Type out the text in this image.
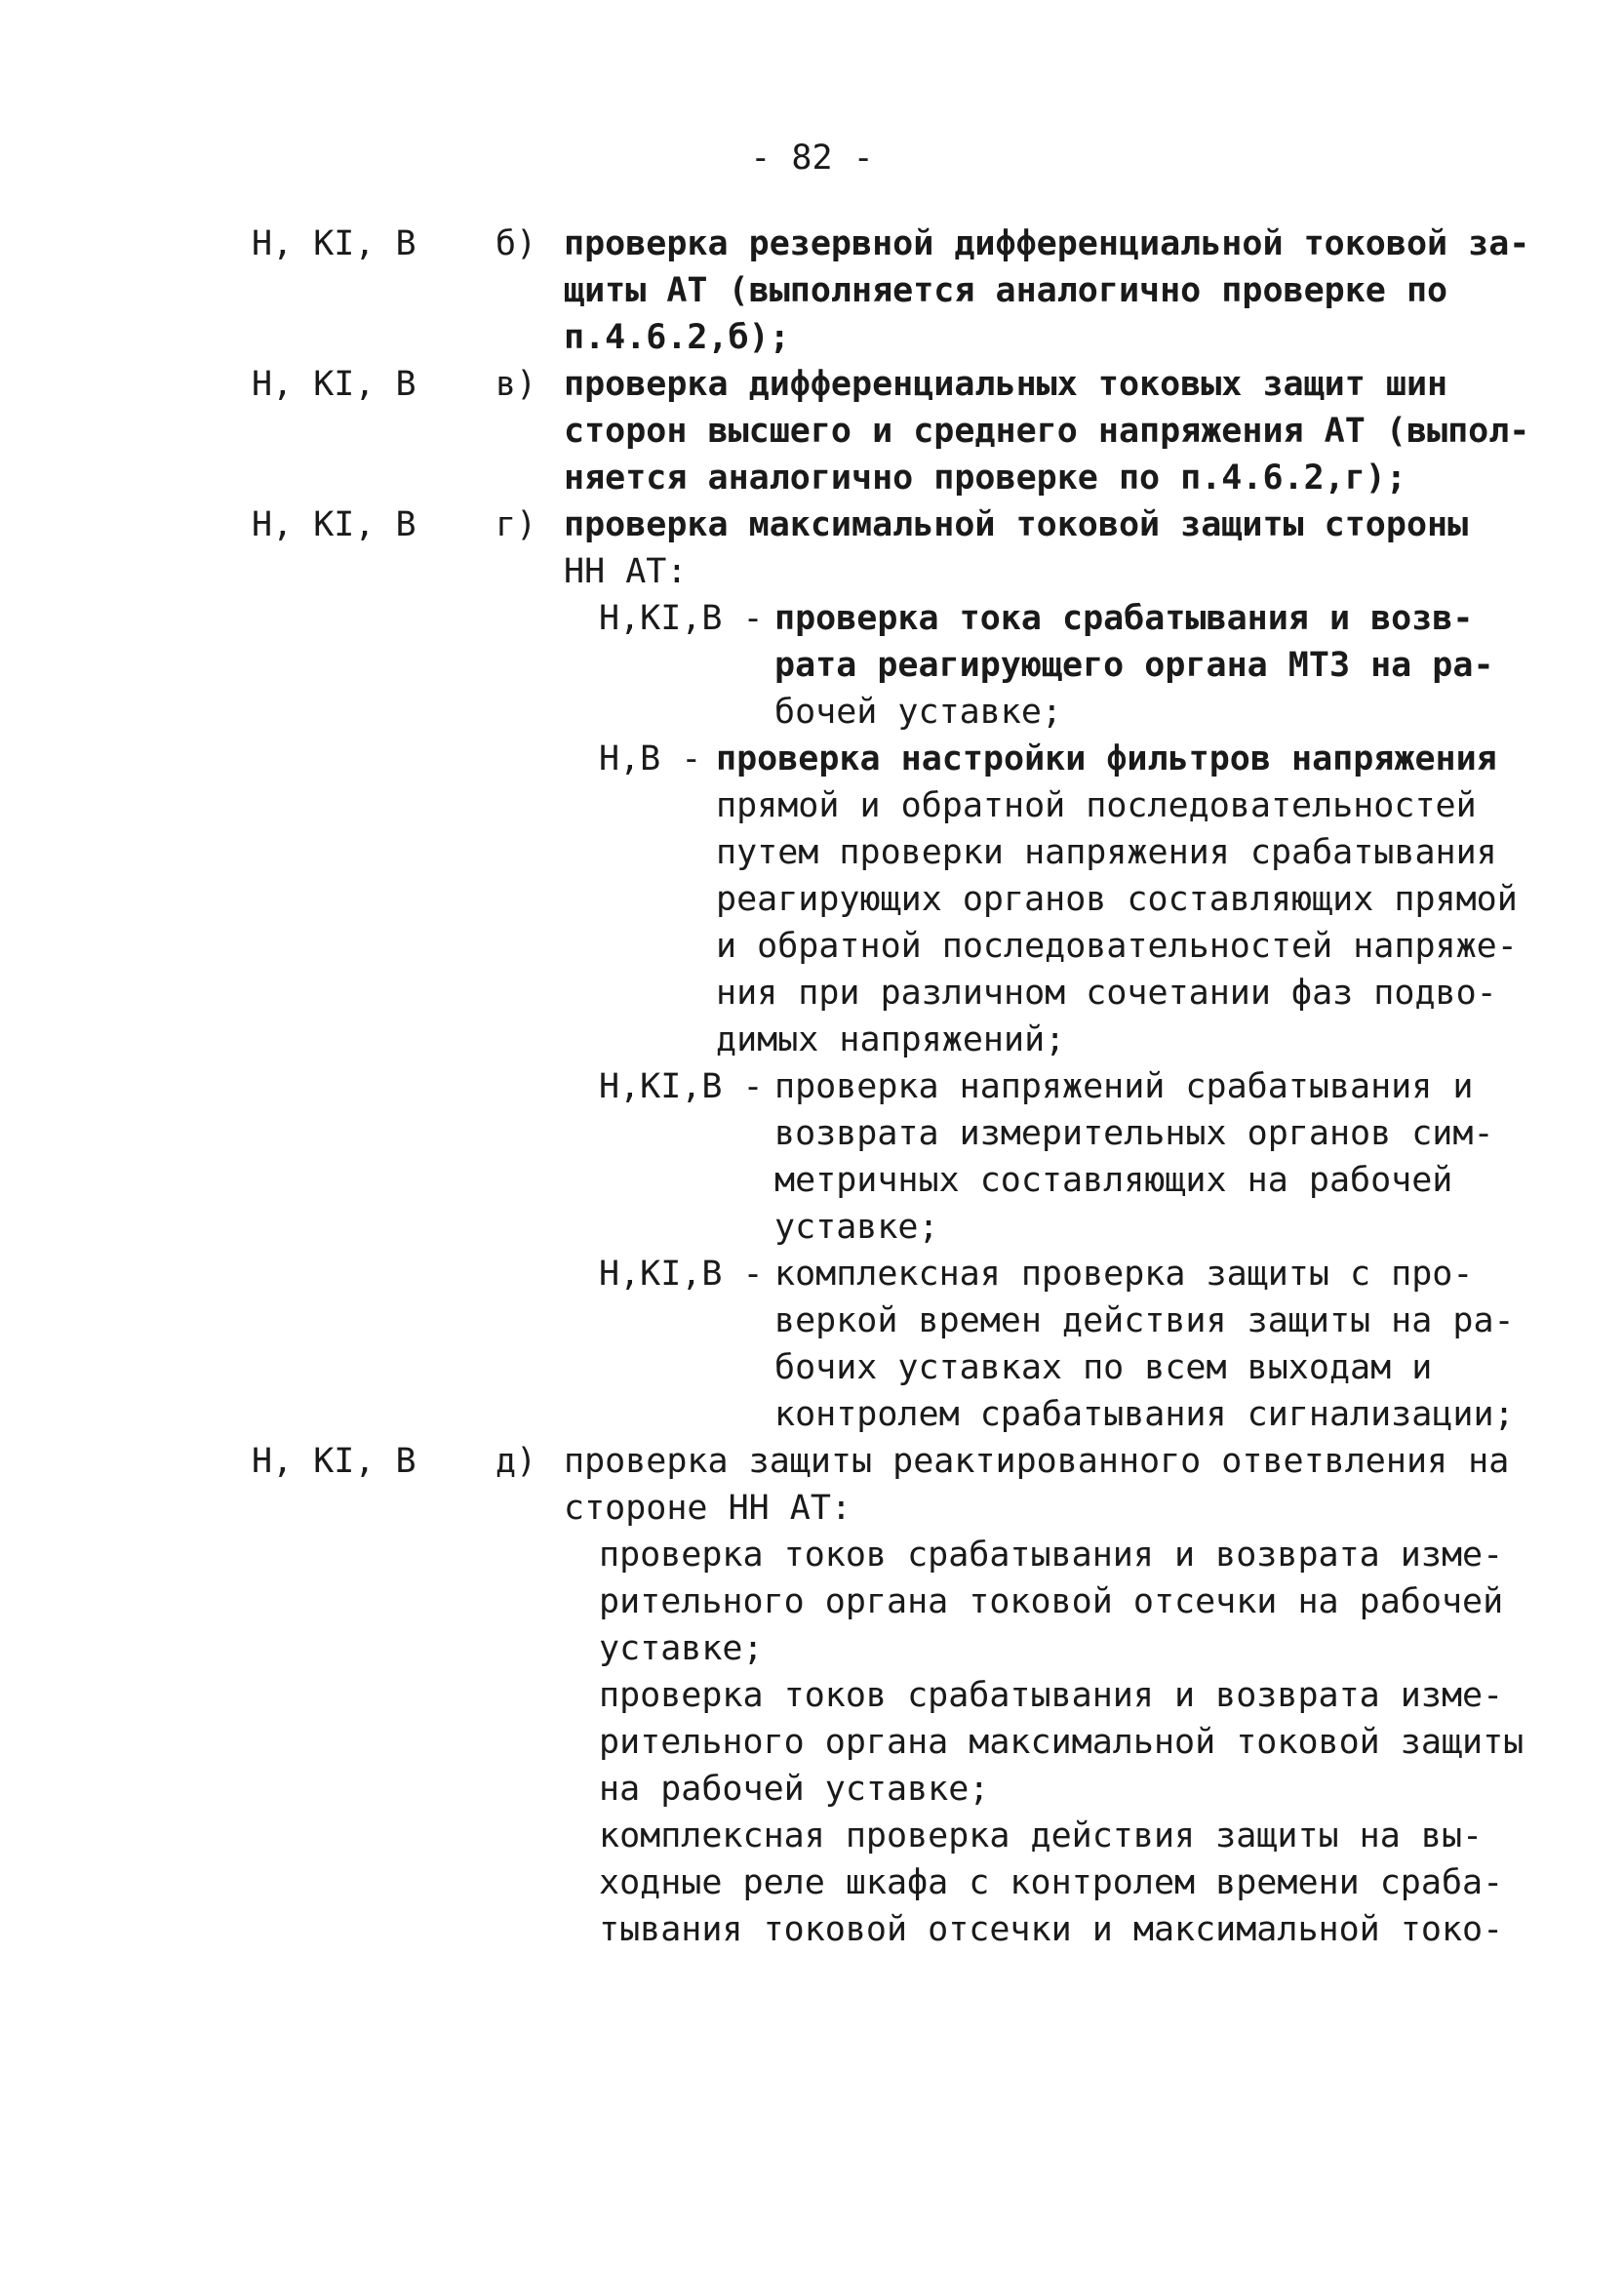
- 82 -
Н, КI, В б) проверка резервной дифференциальной токовой за-
щиты АТ (выполняется аналогично проверке по
п.4.6.2,б);
Н, КI, В в) проверка дифференциальных токовых защит шин
сторон высшего и среднего напряжения АТ (выпол-
няется аналогично проверке по п.4.6.2,г);
Н, КI, В г) проверка максимальной токовой защиты стороны
НН АТ:
Н,КI,В - проверка тока срабатывания и возв-
рата реагирующего органа МТЗ на ра-
бочей уставке;
Н,В - проверка настройки фильтров напряжения
прямой и обратной последовательностей
путем проверки напряжения срабатывания
реагирующих органов составляющих прямой
и обратной последовательностей напряже-
ния при различном сочетании фаз подво-
димых напряжений;
Н,КI,В - проверка напряжений срабатывания и
возврата измерительных органов сим-
метричных составляющих на рабочей
уставке;
Н,КI,В - комплексная проверка защиты с про-
веркой времен действия защиты на ра-
бочих уставках по всем выходам и
контролем срабатывания сигнализации;
Н, КI, В д) проверка защиты реактированного ответвления на
стороне НН АТ:
проверка токов срабатывания и возврата изме-
рительного органа токовой отсечки на рабочей
уставке;
проверка токов срабатывания и возврата изме-
рительного органа максимальной токовой защиты
на рабочей уставке;
комплексная проверка действия защиты на вы-
ходные реле шкафа с контролем времени сраба-
тывания токовой отсечки и максимальной токо-
